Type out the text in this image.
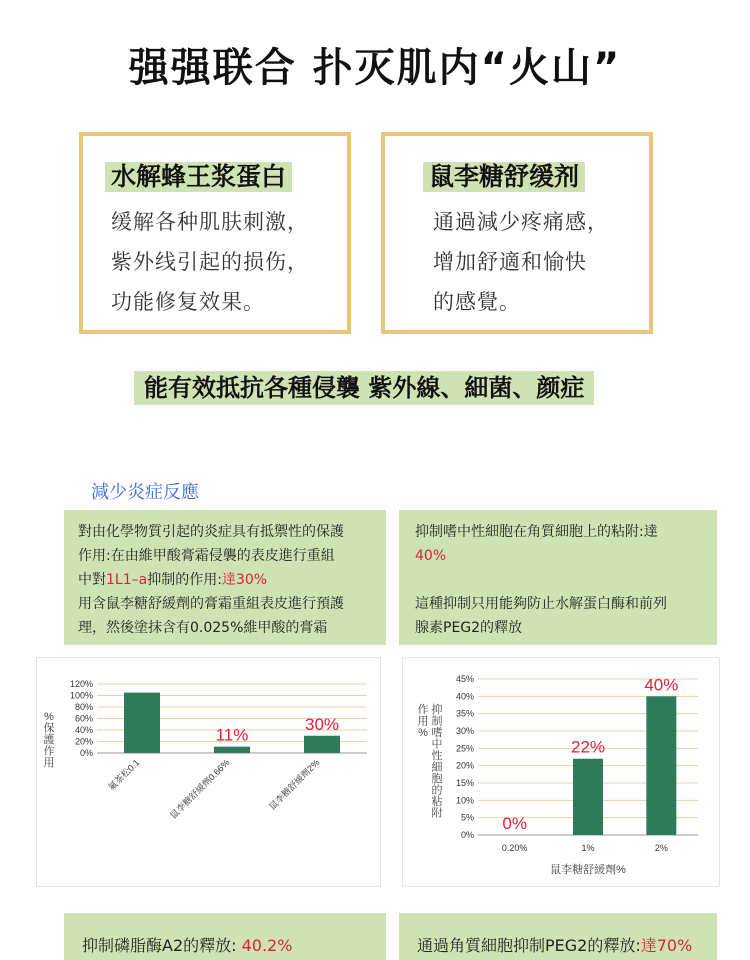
强强联合 扑灭肌内“火山”
水解蜂王浆蛋白
缓解各种肌肤刺激，
紫外线引起的损伤，
功能修复效果。
鼠李糖舒缓剂
通過減少疼痛感，
增加舒適和愉快
的感覺。
能有效抵抗各種侵襲 紫外線、細菌、颜症
減少炎症反應
對由化學物質引起的炎症具有抵禦性的保護
作用:在由維甲酸膏霜侵襲的表皮進行重組
中對1L1–a抑制的作用:達30%
用含鼠李糖舒緩劑的膏霜重組表皮進行預護
理，然後塗抹含有0.025%維甲酸的膏霜
抑制嗜中性細胞在角質細胞上的粘附:達
40%
這種抑制只用能夠防止水解蛋白酶和前列
腺素PEG2的釋放
0%
20%
40%
60%
80%
100%
120%
氟茶松0.1
11%
鼠李糖舒緩劑0.66%
30%
鼠李糖舒緩劑2%
%
保
護
作
用
0%
5%
10%
15%
20%
25%
30%
35%
40%
45%
0%
0.20%
22%
1%
40%
2%
抑
制
嗜
中
性
細
胞
的
粘
附
作
用
%
鼠李糖舒緩劑%
抑制磷脂酶A2的釋放: 40.2%	通過角質細胞抑制PEG2的釋放:達70%
